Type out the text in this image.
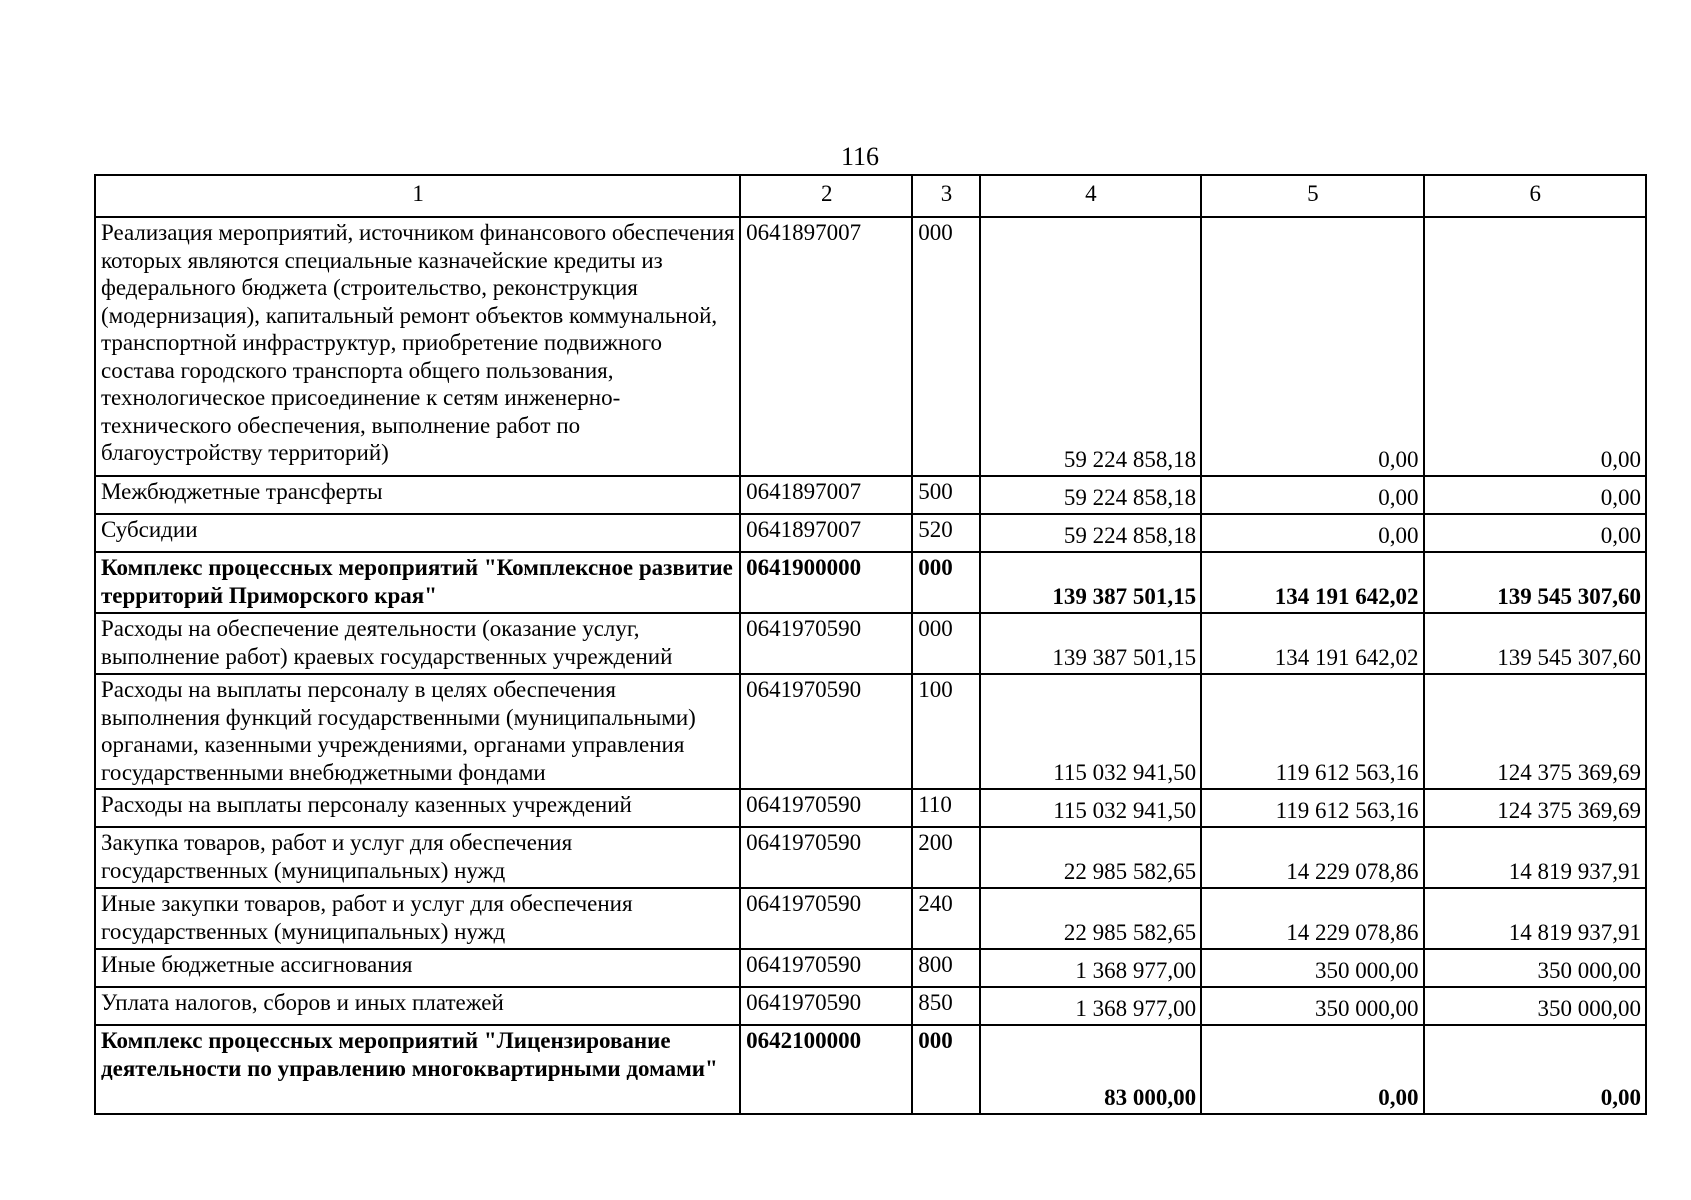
116
1	2	3	4	5	6
Реализация мероприятий, источником финансового обеспечения которых являются специальные казначейские кредиты из федерального бюджета (строительство, реконструкция (модернизация), капитальный ремонт объектов коммунальной, транспортной инфраструктур, приобретение подвижного состава городского транспорта общего пользования, технологическое присоединение к сетям инженерно-технического обеспечения, выполнение работ по благоустройству территорий)	0641897007	000	59 224 858,18	0,00	0,00
Межбюджетные трансферты	0641897007	500	59 224 858,18	0,00	0,00
Субсидии	0641897007	520	59 224 858,18	0,00	0,00
Комплекс процессных мероприятий "Комплексное развитие территорий Приморского края"	0641900000	000	139 387 501,15	134 191 642,02	139 545 307,60
Расходы на обеспечение деятельности (оказание услуг, выполнение работ) краевых государственных учреждений	0641970590	000	139 387 501,15	134 191 642,02	139 545 307,60
Расходы на выплаты персоналу в целях обеспечения выполнения функций государственными (муниципальными) органами, казенными учреждениями, органами управления государственными внебюджетными фондами	0641970590	100	115 032 941,50	119 612 563,16	124 375 369,69
Расходы на выплаты персоналу казенных учреждений	0641970590	110	115 032 941,50	119 612 563,16	124 375 369,69
Закупка товаров, работ и услуг для обеспечения государственных (муниципальных) нужд	0641970590	200	22 985 582,65	14 229 078,86	14 819 937,91
Иные закупки товаров, работ и услуг для обеспечения государственных (муниципальных) нужд	0641970590	240	22 985 582,65	14 229 078,86	14 819 937,91
Иные бюджетные ассигнования	0641970590	800	1 368 977,00	350 000,00	350 000,00
Уплата налогов, сборов и иных платежей	0641970590	850	1 368 977,00	350 000,00	350 000,00
Комплекс процессных мероприятий "Лицензирование деятельности по управлению многоквартирными домами"	0642100000	000	83 000,00	0,00	0,00
